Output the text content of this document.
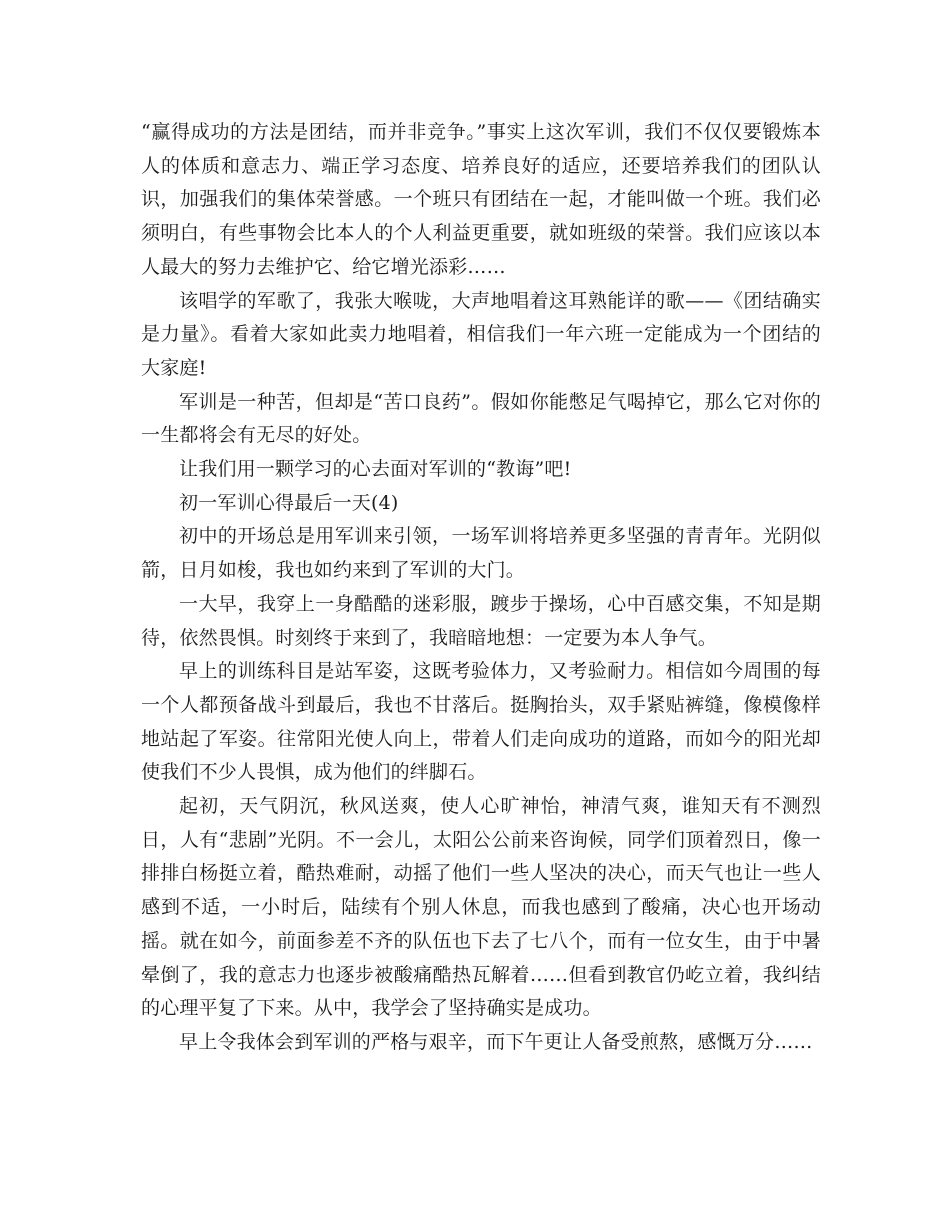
“赢得成功的方法是团结，而并非竞争。”事实上这次军训，我们不仅仅要锻炼本人的体质和意志力、端正学习态度、培养良好的适应，还要培养我们的团队认识，加强我们的集体荣誉感。一个班只有团结在一起，才能叫做一个班。我们必须明白，有些事物会比本人的个人利益更重要，就如班级的荣誉。我们应该以本人最大的努力去维护它、给它增光添彩……

该唱学的军歌了，我张大喉咙，大声地唱着这耳熟能详的歌——《团结确实是力量》。看着大家如此卖力地唱着，相信我们一年六班一定能成为一个团结的大家庭!

军训是一种苦，但却是“苦口良药”。假如你能憋足气喝掉它，那么它对你的一生都将会有无尽的好处。

让我们用一颗学习的心去面对军训的“教诲”吧!

初一军训心得最后一天(4)

初中的开场总是用军训来引领，一场军训将培养更多坚强的青青年。光阴似箭，日月如梭，我也如约来到了军训的大门。

一大早，我穿上一身酷酷的迷彩服，踱步于操场，心中百感交集，不知是期待，依然畏惧。时刻终于来到了，我暗暗地想：一定要为本人争气。

早上的训练科目是站军姿，这既考验体力，又考验耐力。相信如今周围的每一个人都预备战斗到最后，我也不甘落后。挺胸抬头，双手紧贴裤缝，像模像样地站起了军姿。往常阳光使人向上，带着人们走向成功的道路，而如今的阳光却使我们不少人畏惧，成为他们的绊脚石。

起初，天气阴沉，秋风送爽，使人心旷神怡，神清气爽，谁知天有不测烈日，人有“悲剧”光阴。不一会儿，太阳公公前来咨询候，同学们顶着烈日，像一排排白杨挺立着，酷热难耐，动摇了他们一些人坚决的决心，而天气也让一些人感到不适，一小时后，陆续有个别人休息，而我也感到了酸痛，决心也开场动摇。就在如今，前面参差不齐的队伍也下去了七八个，而有一位女生，由于中暑晕倒了，我的意志力也逐步被酸痛酷热瓦解着……但看到教官仍屹立着，我纠结的心理平复了下来。从中，我学会了坚持确实是成功。

早上令我体会到军训的严格与艰辛，而下午更让人备受煎熬，感慨万分……
